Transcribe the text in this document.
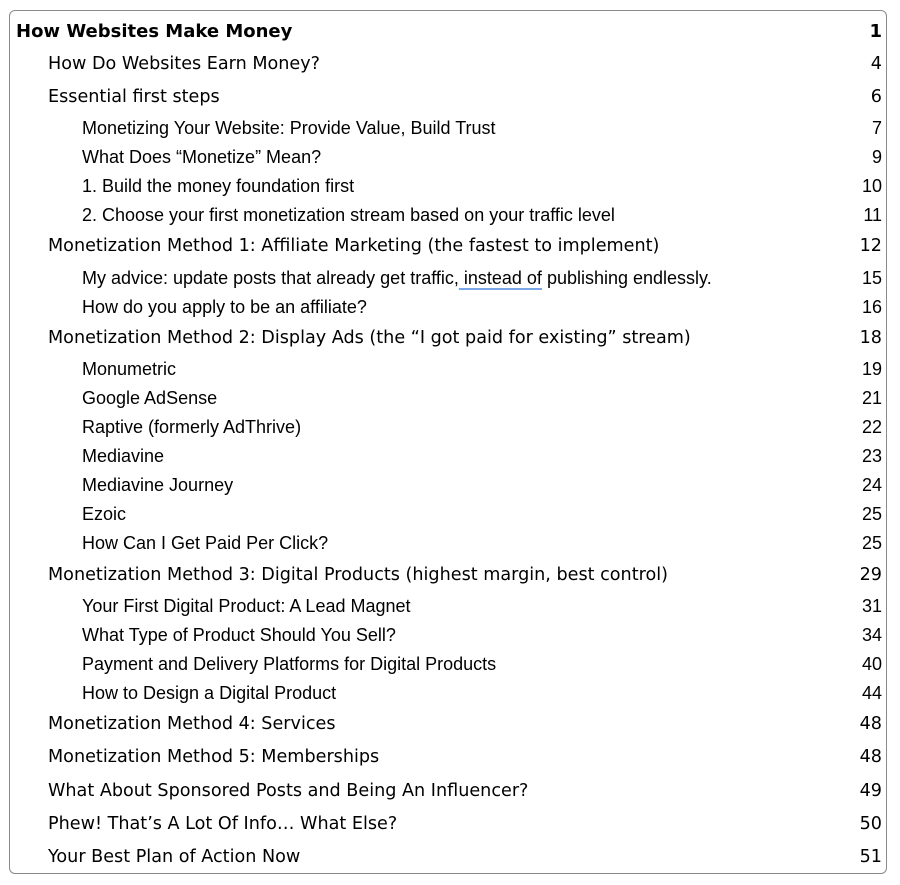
How Websites Make Money	1
How Do Websites Earn Money?	4
Essential first steps	6
Monetizing Your Website: Provide Value, Build Trust	7
What Does “Monetize” Mean?	9
1. Build the money foundation first	10
2. Choose your first monetization stream based on your traffic level	11
Monetization Method 1: Affiliate Marketing (the fastest to implement)	12
My advice: update posts that already get traffic, instead of publishing endlessly.	15
How do you apply to be an affiliate?	16
Monetization Method 2: Display Ads (the “I got paid for existing” stream)	18
Monumetric	19
Google AdSense	21
Raptive (formerly AdThrive)	22
Mediavine	23
Mediavine Journey	24
Ezoic	25
How Can I Get Paid Per Click?	25
Monetization Method 3: Digital Products (highest margin, best control)	29
Your First Digital Product: A Lead Magnet	31
What Type of Product Should You Sell?	34
Payment and Delivery Platforms for Digital Products	40
How to Design a Digital Product	44
Monetization Method 4: Services	48
Monetization Method 5: Memberships	48
What About Sponsored Posts and Being An Influencer?	49
Phew! That’s A Lot Of Info… What Else?	50
Your Best Plan of Action Now	51
